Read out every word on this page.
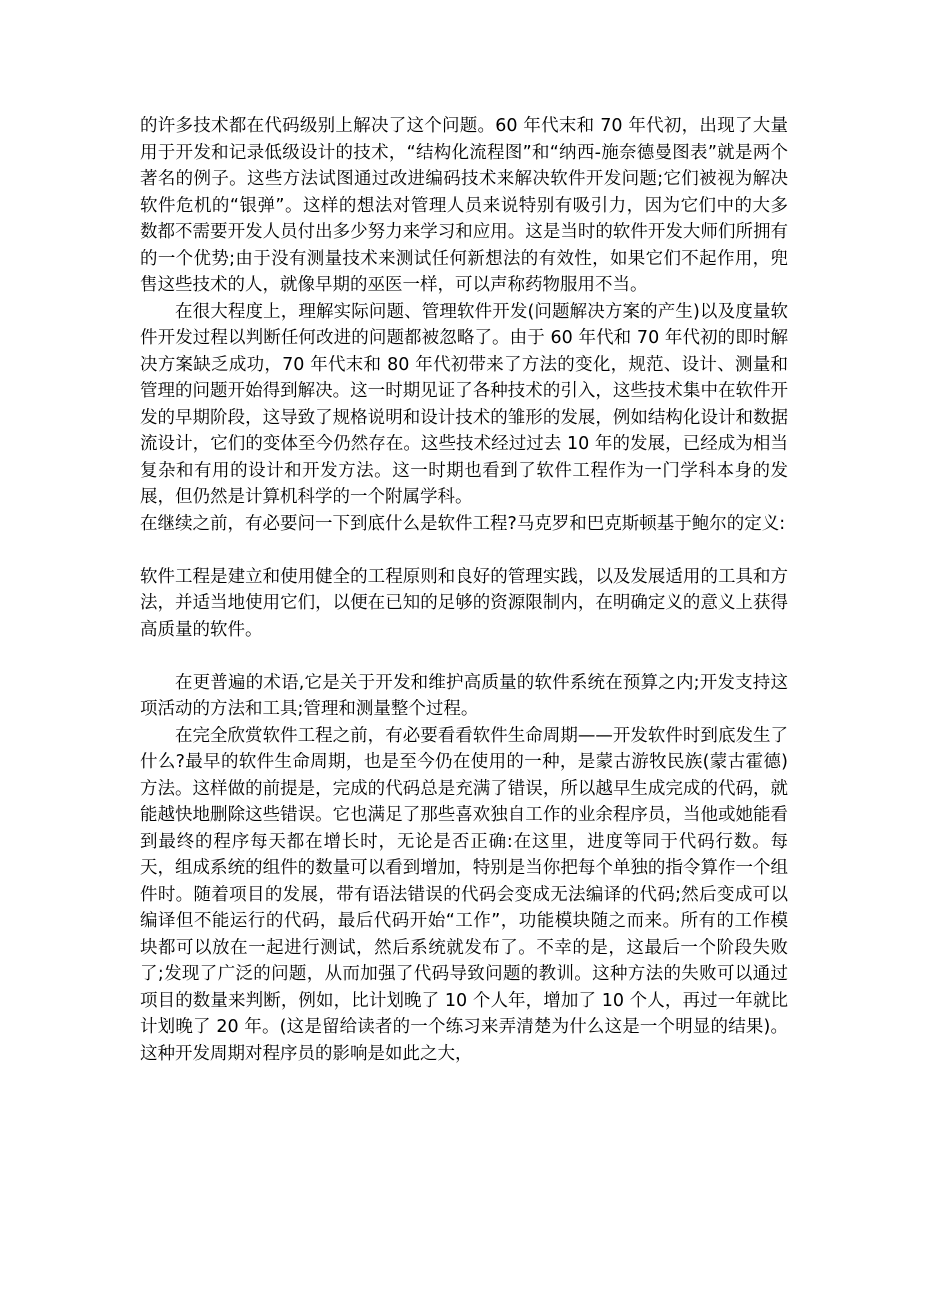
的许多技术都在代码级别上解决了这个问题。60 年代末和 70 年代初，出现了大量用于开发和记录低级设计的技术，“结构化流程图”和“纳西-施奈德曼图表”就是两个著名的例子。这些方法试图通过改进编码技术来解决软件开发问题;它们被视为解决软件危机的“银弹”。这样的想法对管理人员来说特别有吸引力，因为它们中的大多数都不需要开发人员付出多少努力来学习和应用。这是当时的软件开发大师们所拥有的一个优势;由于没有测量技术来测试任何新想法的有效性，如果它们不起作用，兜售这些技术的人，就像早期的巫医一样，可以声称药物服用不当。

在很大程度上，理解实际问题、管理软件开发(问题解决方案的产生)以及度量软件开发过程以判断任何改进的问题都被忽略了。由于 60 年代和 70 年代初的即时解决方案缺乏成功，70 年代末和 80 年代初带来了方法的变化，规范、设计、测量和管理的问题开始得到解决。这一时期见证了各种技术的引入，这些技术集中在软件开发的早期阶段，这导致了规格说明和设计技术的雏形的发展，例如结构化设计和数据流设计，它们的变体至今仍然存在。这些技术经过过去 10 年的发展，已经成为相当复杂和有用的设计和开发方法。这一时期也看到了软件工程作为一门学科本身的发展，但仍然是计算机科学的一个附属学科。

在继续之前，有必要问一下到底什么是软件工程?马克罗和巴克斯顿基于鲍尔的定义:

软件工程是建立和使用健全的工程原则和良好的管理实践，以及发展适用的工具和方法，并适当地使用它们，以便在已知的足够的资源限制内，在明确定义的意义上获得高质量的软件。

在更普遍的术语,它是关于开发和维护高质量的软件系统在预算之内;开发支持这项活动的方法和工具;管理和测量整个过程。

在完全欣赏软件工程之前，有必要看看软件生命周期——开发软件时到底发生了什么?最早的软件生命周期，也是至今仍在使用的一种，是蒙古游牧民族(蒙古霍德)方法。这样做的前提是，完成的代码总是充满了错误，所以越早生成完成的代码，就能越快地删除这些错误。它也满足了那些喜欢独自工作的业余程序员，当他或她能看到最终的程序每天都在增长时，无论是否正确:在这里，进度等同于代码行数。每天，组成系统的组件的数量可以看到增加，特别是当你把每个单独的指令算作一个组件时。随着项目的发展，带有语法错误的代码会变成无法编译的代码;然后变成可以编译但不能运行的代码，最后代码开始“工作”，功能模块随之而来。所有的工作模块都可以放在一起进行测试，然后系统就发布了。不幸的是，这最后一个阶段失败了;发现了广泛的问题，从而加强了代码导致问题的教训。这种方法的失败可以通过项目的数量来判断，例如，比计划晚了 10 个人年，增加了 10 个人，再过一年就比计划晚了 20 年。(这是留给读者的一个练习来弄清楚为什么这是一个明显的结果)。这种开发周期对程序员的影响是如此之大，
